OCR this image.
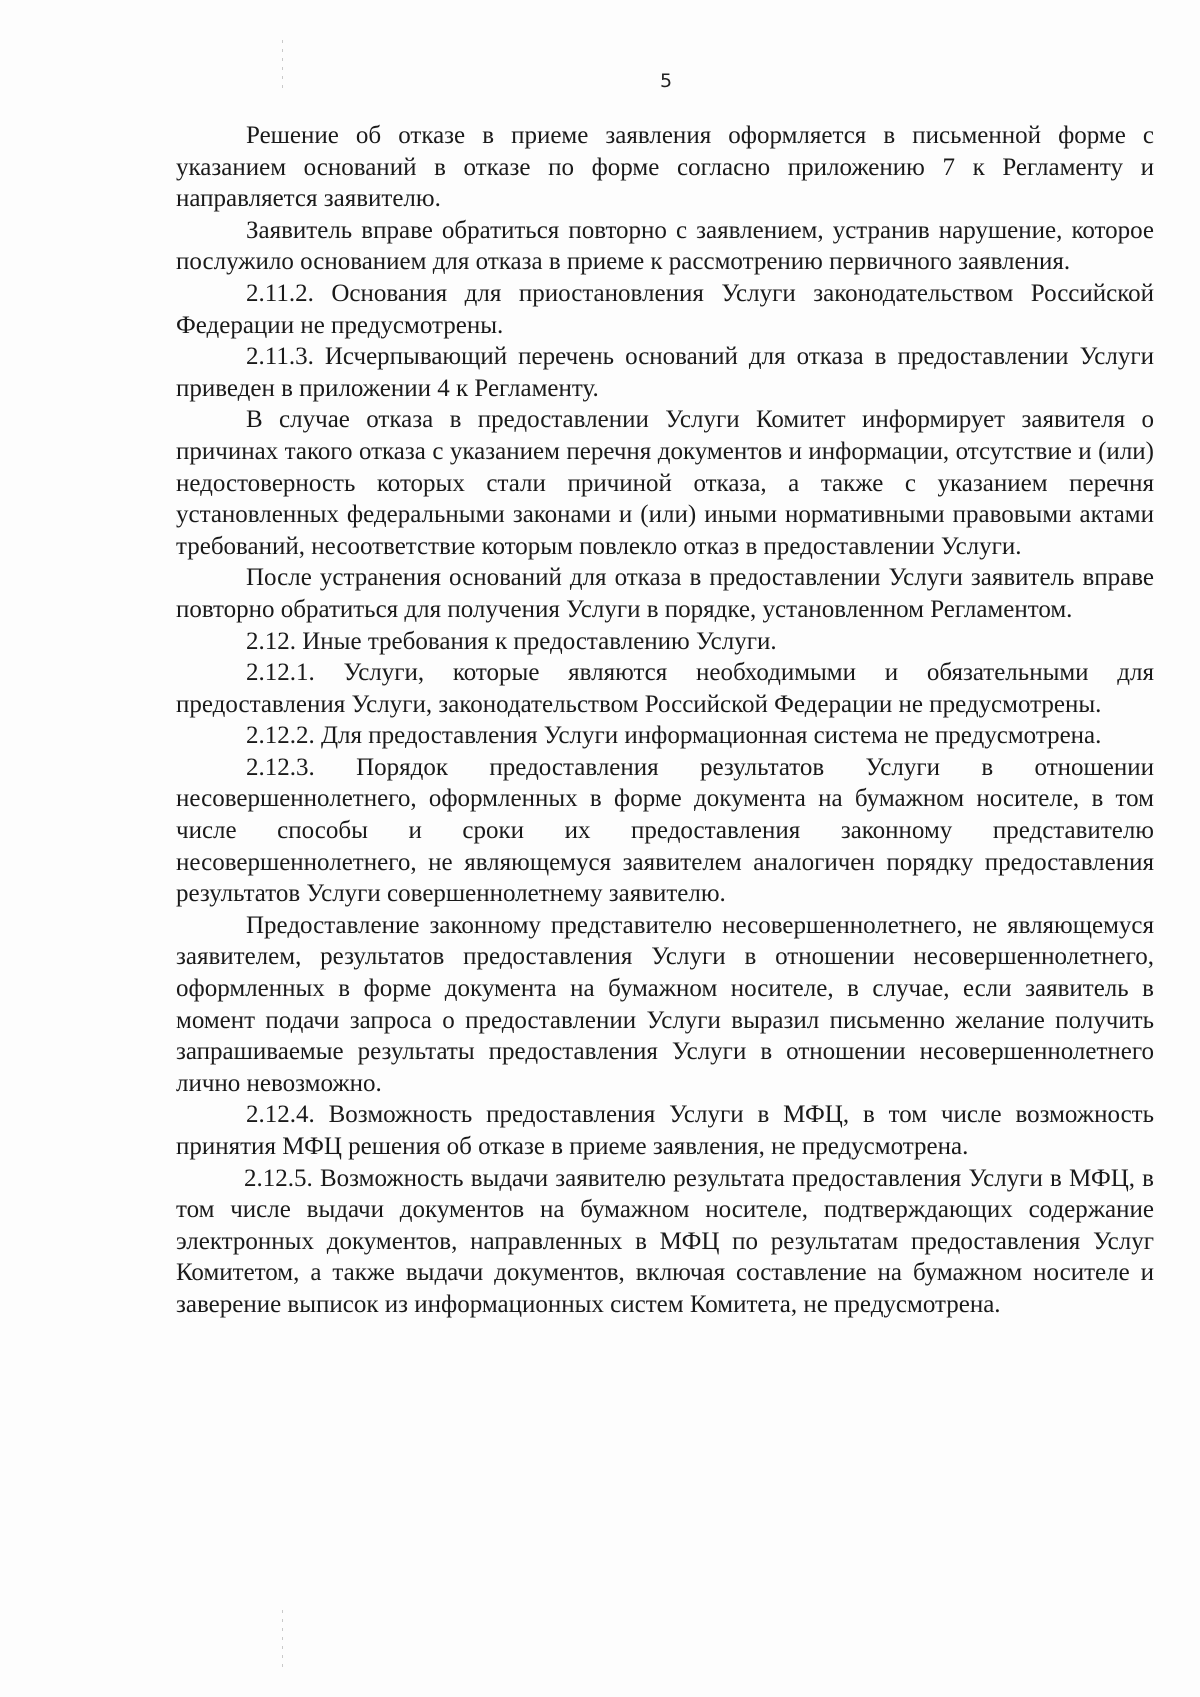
5

Решение об отказе в приеме заявления оформляется в письменной форме с указанием оснований в отказе по форме согласно приложению 7 к Регламенту и направляется заявителю.

Заявитель вправе обратиться повторно с заявлением, устранив нарушение, которое послужило основанием для отказа в приеме к рассмотрению первичного заявления.

2.11.2. Основания для приостановления Услуги законодательством Российской Федерации не предусмотрены.

2.11.3. Исчерпывающий перечень оснований для отказа в предоставлении Услуги приведен в приложении 4 к Регламенту.

В случае отказа в предоставлении Услуги Комитет информирует заявителя о причинах такого отказа с указанием перечня документов и информации, отсутствие и (или) недостоверность которых стали причиной отказа, а также с указанием перечня установленных федеральными законами и (или) иными нормативными правовыми актами требований, несоответствие которым повлекло отказ в предоставлении Услуги.

После устранения оснований для отказа в предоставлении Услуги заявитель вправе повторно обратиться для получения Услуги в порядке, установленном Регламентом.

2.12. Иные требования к предоставлению Услуги.

2.12.1. Услуги, которые являются необходимыми и обязательными для предоставления Услуги, законодательством Российской Федерации не предусмотрены.

2.12.2. Для предоставления Услуги информационная система не предусмотрена.

2.12.3. Порядок предоставления результатов Услуги в отношении несовершеннолетнего, оформленных в форме документа на бумажном носителе, в том числе способы и сроки их предоставления законному представителю несовершеннолетнего, не являющемуся заявителем аналогичен порядку предоставления результатов Услуги совершеннолетнему заявителю.

Предоставление законному представителю несовершеннолетнего, не являющемуся заявителем, результатов предоставления Услуги в отношении несовершеннолетнего, оформленных в форме документа на бумажном носителе, в случае, если заявитель в момент подачи запроса о предоставлении Услуги выразил письменно желание получить запрашиваемые результаты предоставления Услуги в отношении несовершеннолетнего лично невозможно.

2.12.4. Возможность предоставления Услуги в МФЦ, в том числе возможность принятия МФЦ решения об отказе в приеме заявления, не предусмотрена.

2.12.5. Возможность выдачи заявителю результата предоставления Услуги в МФЦ, в том числе выдачи документов на бумажном носителе, подтверждающих содержание электронных документов, направленных в МФЦ по результатам предоставления Услуг Комитетом, а также выдачи документов, включая составление на бумажном носителе и заверение выписок из информационных систем Комитета, не предусмотрена.
